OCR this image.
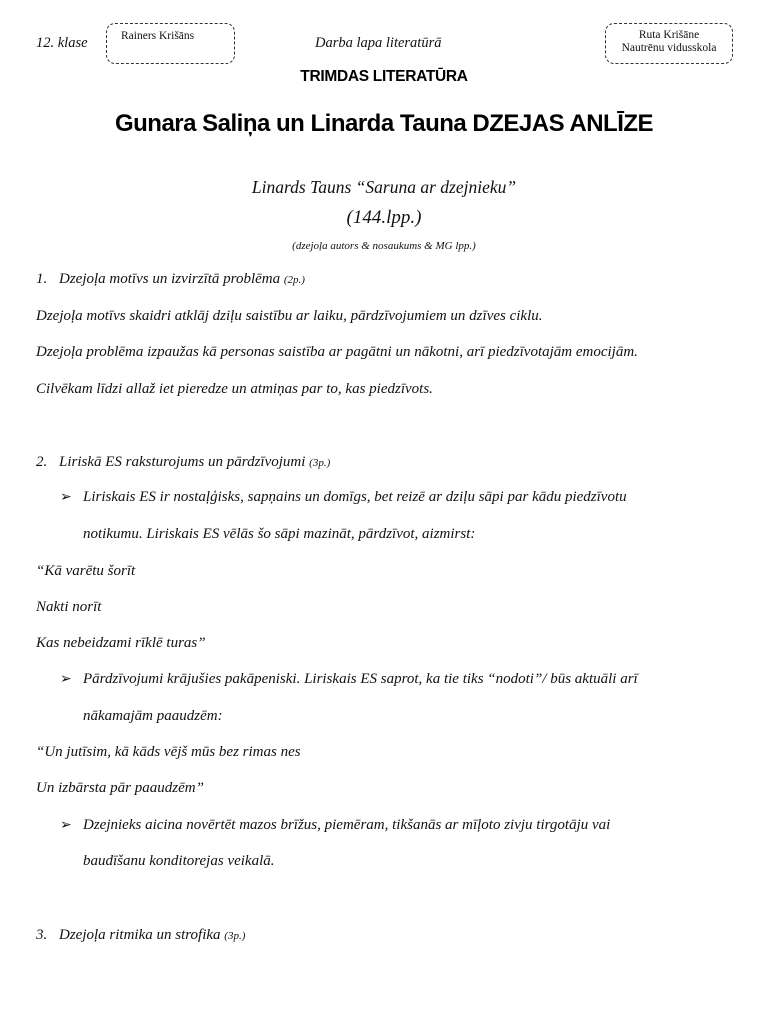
12. klase	Rainers Krišāns	Darba lapa literatūrā	Ruta Krišāne
Nautrēnu vidusskola
TRIMDAS LITERATŪRA
Gunara Saliņa un Linarda Tauna DZEJAS ANLĪZE
Linards Tauns “Saruna ar dzejnieku”
(144.lpp.)
(dzejoļa autors & nosaukums & MG lpp.)
1. Dzejoļa motīvs un izvirzītā problēma (2p.)
Dzejoļa motīvs skaidri atklāj dziļu saistību ar laiku, pārdzīvojumiem un dzīves ciklu.
Dzejoļa problēma izpaužas kā personas saistība ar pagātni un nākotni, arī piedzīvotajām emocijām.
Cilvēkam līdzi allaž iet pieredze un atmiņas par to, kas piedzīvots.
2. Liriskā ES raksturojums un pārdzīvojumi (3p.)
➢ Liriskais ES ir nostaļģisks, sapņains un domīgs, bet reizē ar dziļu sāpi par kādu piedzīvotu
notikumu. Liriskais ES vēlās šo sāpi mazināt, pārdzīvot, aizmirst:
“Kā varētu šorīt
Nakti norīt
Kas nebeidzami rīklē turas”
➢ Pārdzīvojumi krājušies pakāpeniski. Liriskais ES saprot, ka tie tiks “nodoti”/ būs aktuāli arī
nākamajām paaudzēm:
“Un jutīsim, kā kāds vējš mūs bez rimas nes
Un izbārsta pār paaudzēm”
➢ Dzejnieks aicina novērtēt mazos brīžus, piemēram, tikšanās ar mīļoto zivju tirgotāju vai
baudīšanu konditorejas veikalā.
3. Dzejoļa ritmika un strofika (3p.)
